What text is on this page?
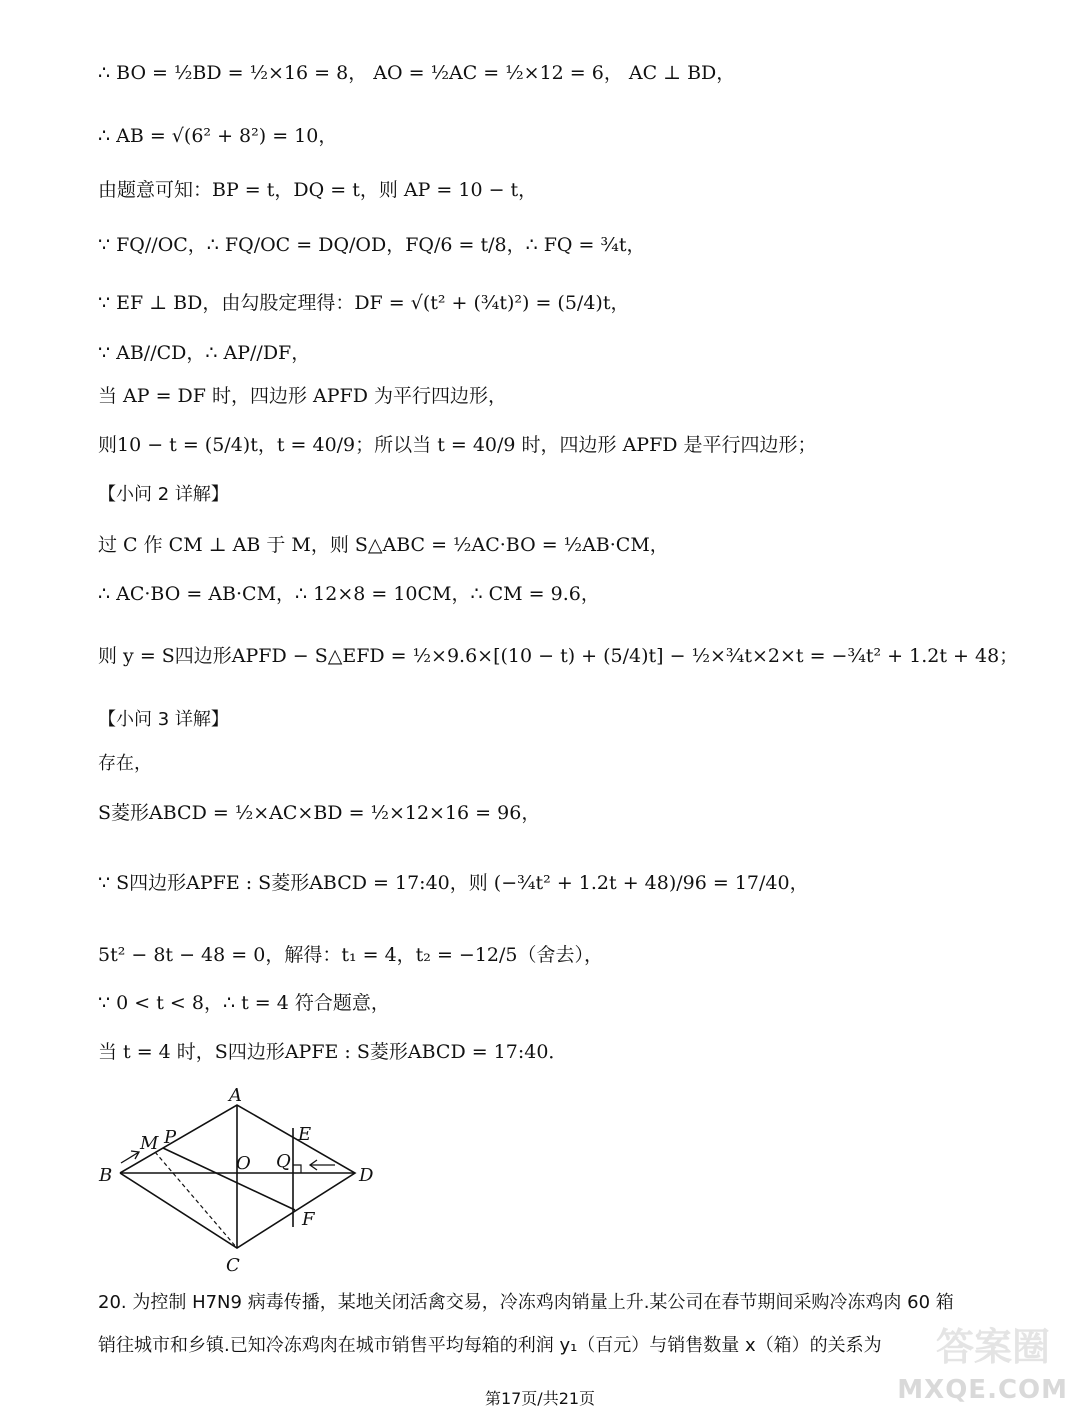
∴ BO = ½BD = ½×16 = 8， AO = ½AC = ½×12 = 6， AC ⊥ BD，
∴ AB = √(6² + 8²) = 10，
由题意可知：BP = t，DQ = t，则 AP = 10 − t，
∵ FQ//OC，∴ FQ/OC = DQ/OD，FQ/6 = t/8，∴ FQ = ¾t，
∵ EF ⊥ BD，由勾股定理得：DF = √(t² + (¾t)²) = (5/4)t，
∵ AB//CD，∴ AP//DF，
当 AP = DF 时，四边形 APFD 为平行四边形，
则10 − t = (5/4)t，t = 40/9；所以当 t = 40/9 时，四边形 APFD 是平行四边形；
【小问 2 详解】
过 C 作 CM ⊥ AB 于 M，则 S△ABC = ½AC·BO = ½AB·CM，
∴ AC·BO = AB·CM，∴ 12×8 = 10CM，∴ CM = 9.6，
则 y = S四边形APFD − S△EFD = ½×9.6×[(10 − t) + (5/4)t] − ½×¾t×2×t = −¾t² + 1.2t + 48；
【小问 3 详解】
存在，
S菱形ABCD = ½×AC×BD = ½×12×16 = 96，
∵ S四边形APFE : S菱形ABCD = 17:40，则 (−¾t² + 1.2t + 48)/96 = 17/40，
5t² − 8t − 48 = 0，解得：t₁ = 4，t₂ = −12/5（舍去），
∵ 0 < t < 8，∴ t = 4 符合题意，
当 t = 4 时，S四边形APFE : S菱形ABCD = 17:40．
A
B
C
D
O
M P	E
Q
F
20. 为控制 H7N9 病毒传播，某地关闭活禽交易，冷冻鸡肉销量上升.某公司在春节期间采购冷冻鸡肉 60 箱
销往城市和乡镇.已知冷冻鸡肉在城市销售平均每箱的利润 y₁（百元）与销售数量 x（箱）的关系为
第17页/共21页
答案圈
MXQE.COM
